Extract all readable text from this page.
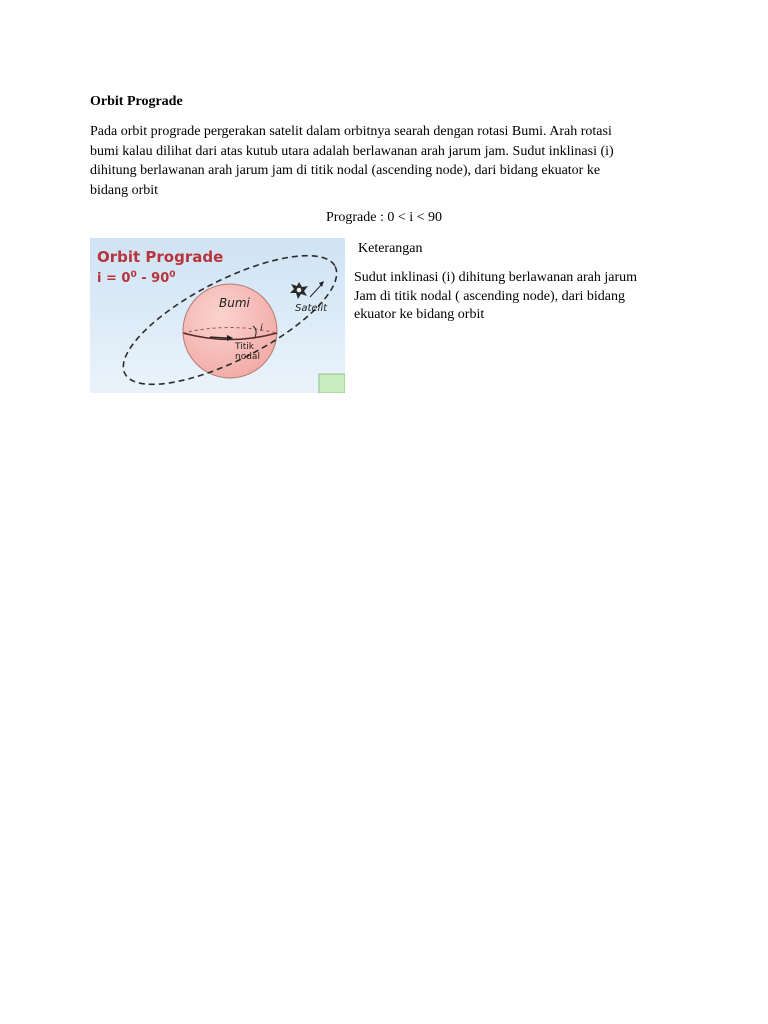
Orbit Prograde
Pada orbit prograde pergerakan satelit dalam orbitnya searah dengan rotasi Bumi. Arah rotasi
bumi kalau dilihat dari atas kutub utara adalah berlawanan arah jarum jam. Sudut inklinasi (i)
dihitung berlawanan arah jarum jam di titik nodal (ascending node), dari bidang ekuator ke
bidang orbit
Prograde : 0 < i < 90
Orbit Prograde
$i = 0^0 - 90^0$
i
Bumi
Titik
nodal
Satelit
Keterangan
Sudut inklinasi (i) dihitung berlawanan arah jarum
Jam di titik nodal ( ascending node), dari bidang
ekuator ke bidang orbit
